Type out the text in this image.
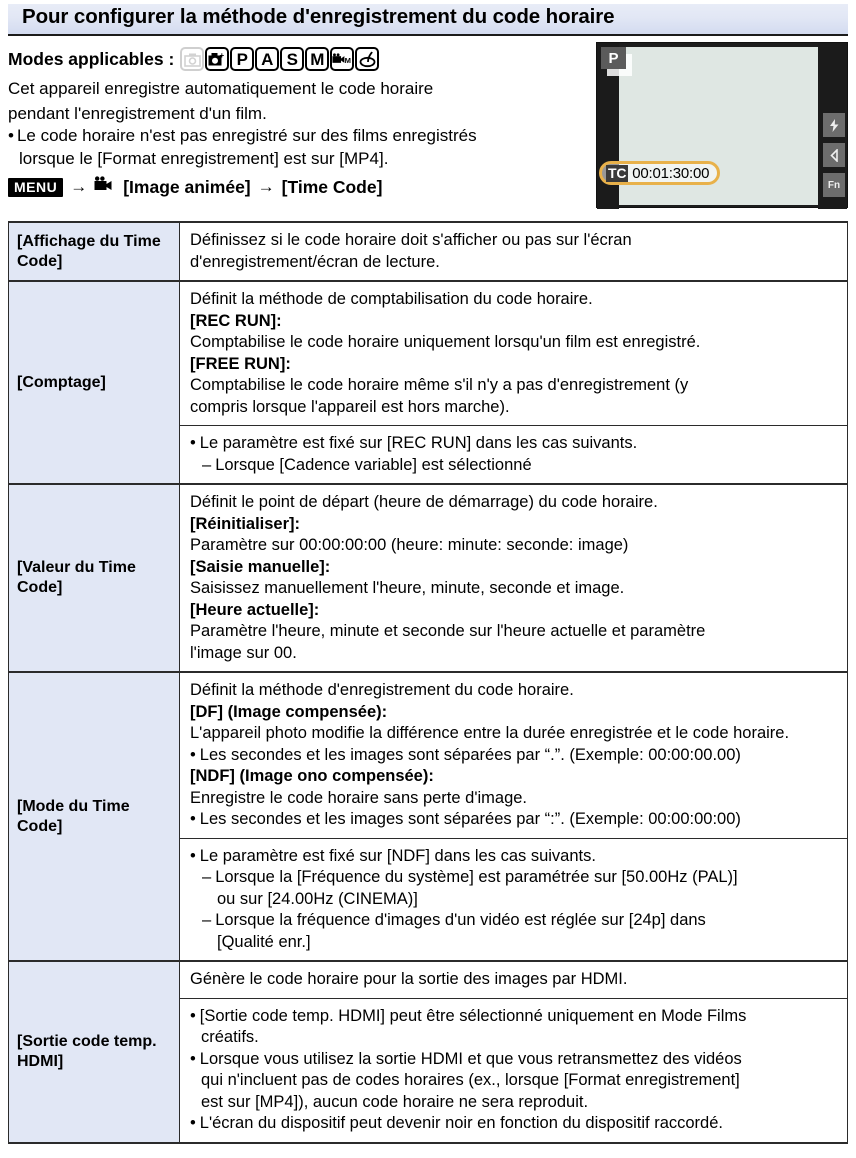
Pour configurer la méthode d'enregistrement du code horaire
Modes applicables :	+ P A S M	M

Cet appareil enregistre automatiquement le code horaire

pendant l'enregistrement d'un film.

• Le code horaire n'est pas enregistré sur des films enregistrés
lorsque le [Format enregistrement] est sur [MP4].
MENU → [Image animée] → [Time Code]
P
Fn
TC 00:01:30:00
[Affichage du Time Code]

Définissez si le code horaire doit s'afficher ou pas sur l'écran

d'enregistrement/écran de lecture.

[Comptage]

Définit la méthode de comptabilisation du code horaire.

[REC RUN]:

Comptabilise le code horaire uniquement lorsqu'un film est enregistré.

[FREE RUN]:

Comptabilise le code horaire même s'il n'y a pas d'enregistrement (y

compris lorsque l'appareil est hors marche).

• Le paramètre est fixé sur [REC RUN] dans les cas suivants.
– Lorsque [Cadence variable] est sélectionné
[Valeur du Time Code]

Définit le point de départ (heure de démarrage) du code horaire.

[Réinitialiser]:

Paramètre sur 00:00:00:00 (heure: minute: seconde: image)

[Saisie manuelle]:

Saisissez manuellement l'heure, minute, seconde et image.

[Heure actuelle]:

Paramètre l'heure, minute et seconde sur l'heure actuelle et paramètre

l'image sur 00.

[Mode du Time Code]

Définit la méthode d'enregistrement du code horaire.

[DF] (Image compensée):

L'appareil photo modifie la différence entre la durée enregistrée et le code horaire.

• Les secondes et les images sont séparées par “.”. (Exemple: 00:00:00.00)

[NDF] (Image ono compensée):

Enregistre le code horaire sans perte d'image.

• Les secondes et les images sont séparées par “:”. (Exemple: 00:00:00:00)
• Le paramètre est fixé sur [NDF] dans les cas suivants.
– Lorsque la [Fréquence du système] est paramétrée sur [50.00Hz (PAL)]
ou sur [24.00Hz (CINEMA)]
– Lorsque la fréquence d'images d'un vidéo est réglée sur [24p] dans
[Qualité enr.]
[Sortie code temp. HDMI]

Génère le code horaire pour la sortie des images par HDMI.

• [Sortie code temp. HDMI] peut être sélectionné uniquement en Mode Films
créatifs.
• Lorsque vous utilisez la sortie HDMI et que vous retransmettez des vidéos
qui n'incluent pas de codes horaires (ex., lorsque [Format enregistrement]
est sur [MP4]), aucun code horaire ne sera reproduit.
• L'écran du dispositif peut devenir noir en fonction du dispositif raccordé.
